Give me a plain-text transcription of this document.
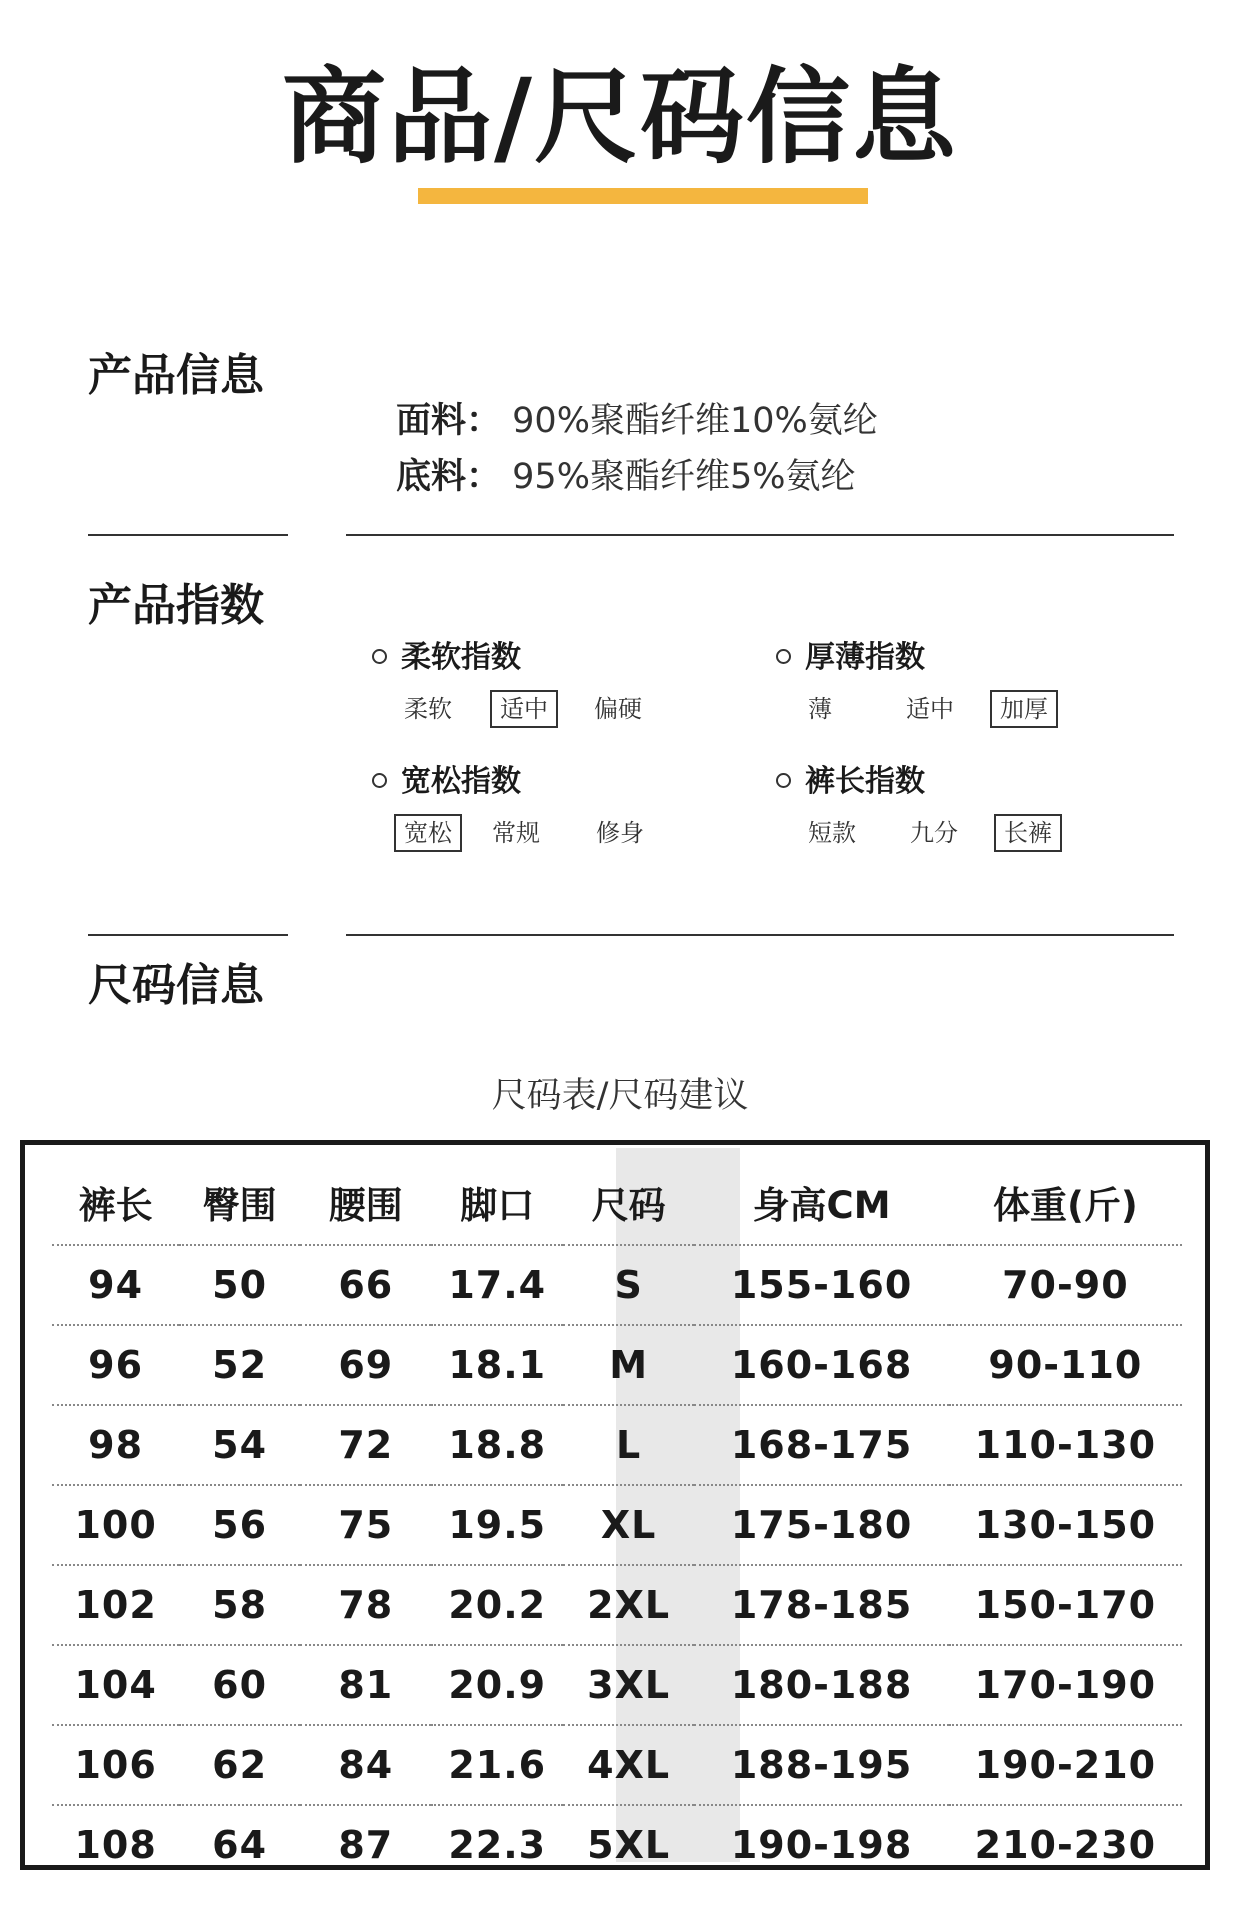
商品/尺码信息
产品信息
面料： 90%聚酯纤维10%氨纶
底料： 95%聚酯纤维5%氨纶
产品指数
柔软指数
柔软	适中	偏硬
厚薄指数
薄	适中	加厚
宽松指数
宽松	常规	修身
裤长指数
短款	九分	长裤
尺码信息
尺码表/尺码建议
裤长	臀围	腰围	脚口	尺码	身高CM	体重(斤)
94	50	66	17.4	S	155-160	70-90
96	52	69	18.1	M	160-168	90-110
98	54	72	18.8	L	168-175	110-130
100	56	75	19.5	XL	175-180	130-150
102	58	78	20.2	2XL	178-185	150-170
104	60	81	20.9	3XL	180-188	170-190
106	62	84	21.6	4XL	188-195	190-210
108	64	87	22.3	5XL	190-198	210-230
